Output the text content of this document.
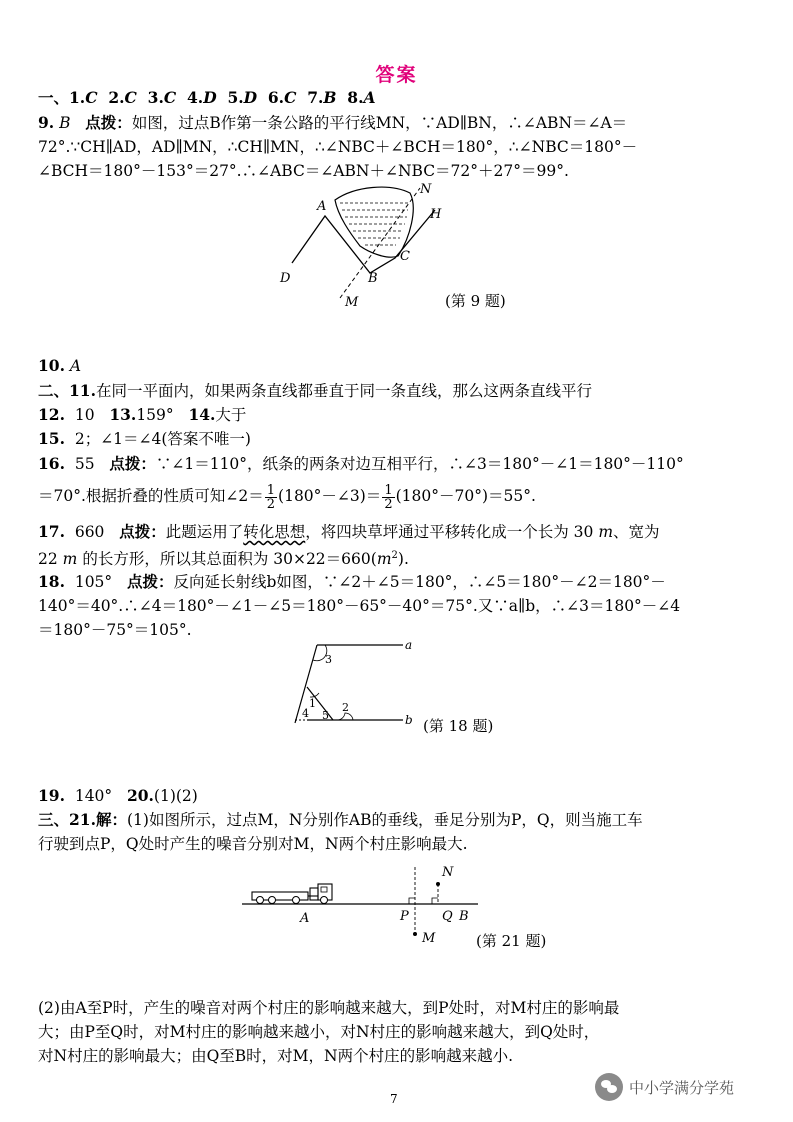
答案
一、1.C 2.C 3.C 4.D 5.D 6.C 7.B 8.A
9. B 点拨：如图，过点B作第一条公路的平行线MN，∵AD∥BN，∴∠ABN＝∠A＝
72°.∵CH∥AD，AD∥MN，∴CH∥MN，∴∠NBC＋∠BCH＝180°，∴∠NBC＝180°－
∠BCH＝180°－153°＝27°.∴∠ABC＝∠ABN＋∠NBC＝72°＋27°＝99°.
A
B
C
D
H
M
N
(第 9 题)
10. A
二、11.在同一平面内，如果两条直线都垂直于同一条直线，那么这两条直线平行
12. 10 13.159° 14.大于
15. 2；∠1＝∠4(答案不唯一)
16. 55 点拨：∵∠1＝110°，纸条的两条对边互相平行，∴∠3＝180°－∠1＝180°－110°
＝70°.根据折叠的性质可知∠2＝ $\frac{1}{2}$ (180°－∠3)＝ $\frac{1}{2} (180^\circ-70^\circ)=55^\circ$.
17. 660 点拨：此题运用了转化思想，将四块草坪通过平移转化成一个长为 30 m、宽为
22 m 的长方形，所以其总面积为 $30\times 22=660(m^2)$.
18. 105° 点拨：反向延长射线b如图，∵∠2＋∠5＝180°，∴∠5＝180°－∠2＝180°－
140°＝40°.∴∠4＝180°－∠1－∠5＝180°－65°－40°＝75°.又∵a∥b，∴∠3＝180°－∠4
＝180°－75°＝105°.
a
b
3
1 2
4 5
(第 18 题)
19. 140° 20.(1)(2)
三、21.解：(1)如图所示，过点M，N分别作AB的垂线，垂足分别为P，Q，则当施工车
行驶到点P，Q处时产生的噪音分别对M，N两个村庄影响最大.
A	P	Q B
M
N
(第 21 题)
(2)由A至P时，产生的噪音对两个村庄的影响越来越大，到P处时，对M村庄的影响最
大；由P至Q时，对M村庄的影响越来越小，对N村庄的影响越来越大，到Q处时，
对N村庄的影响最大；由Q至B时，对M，N两个村庄的影响越来越小.
中小学满分学苑
7
